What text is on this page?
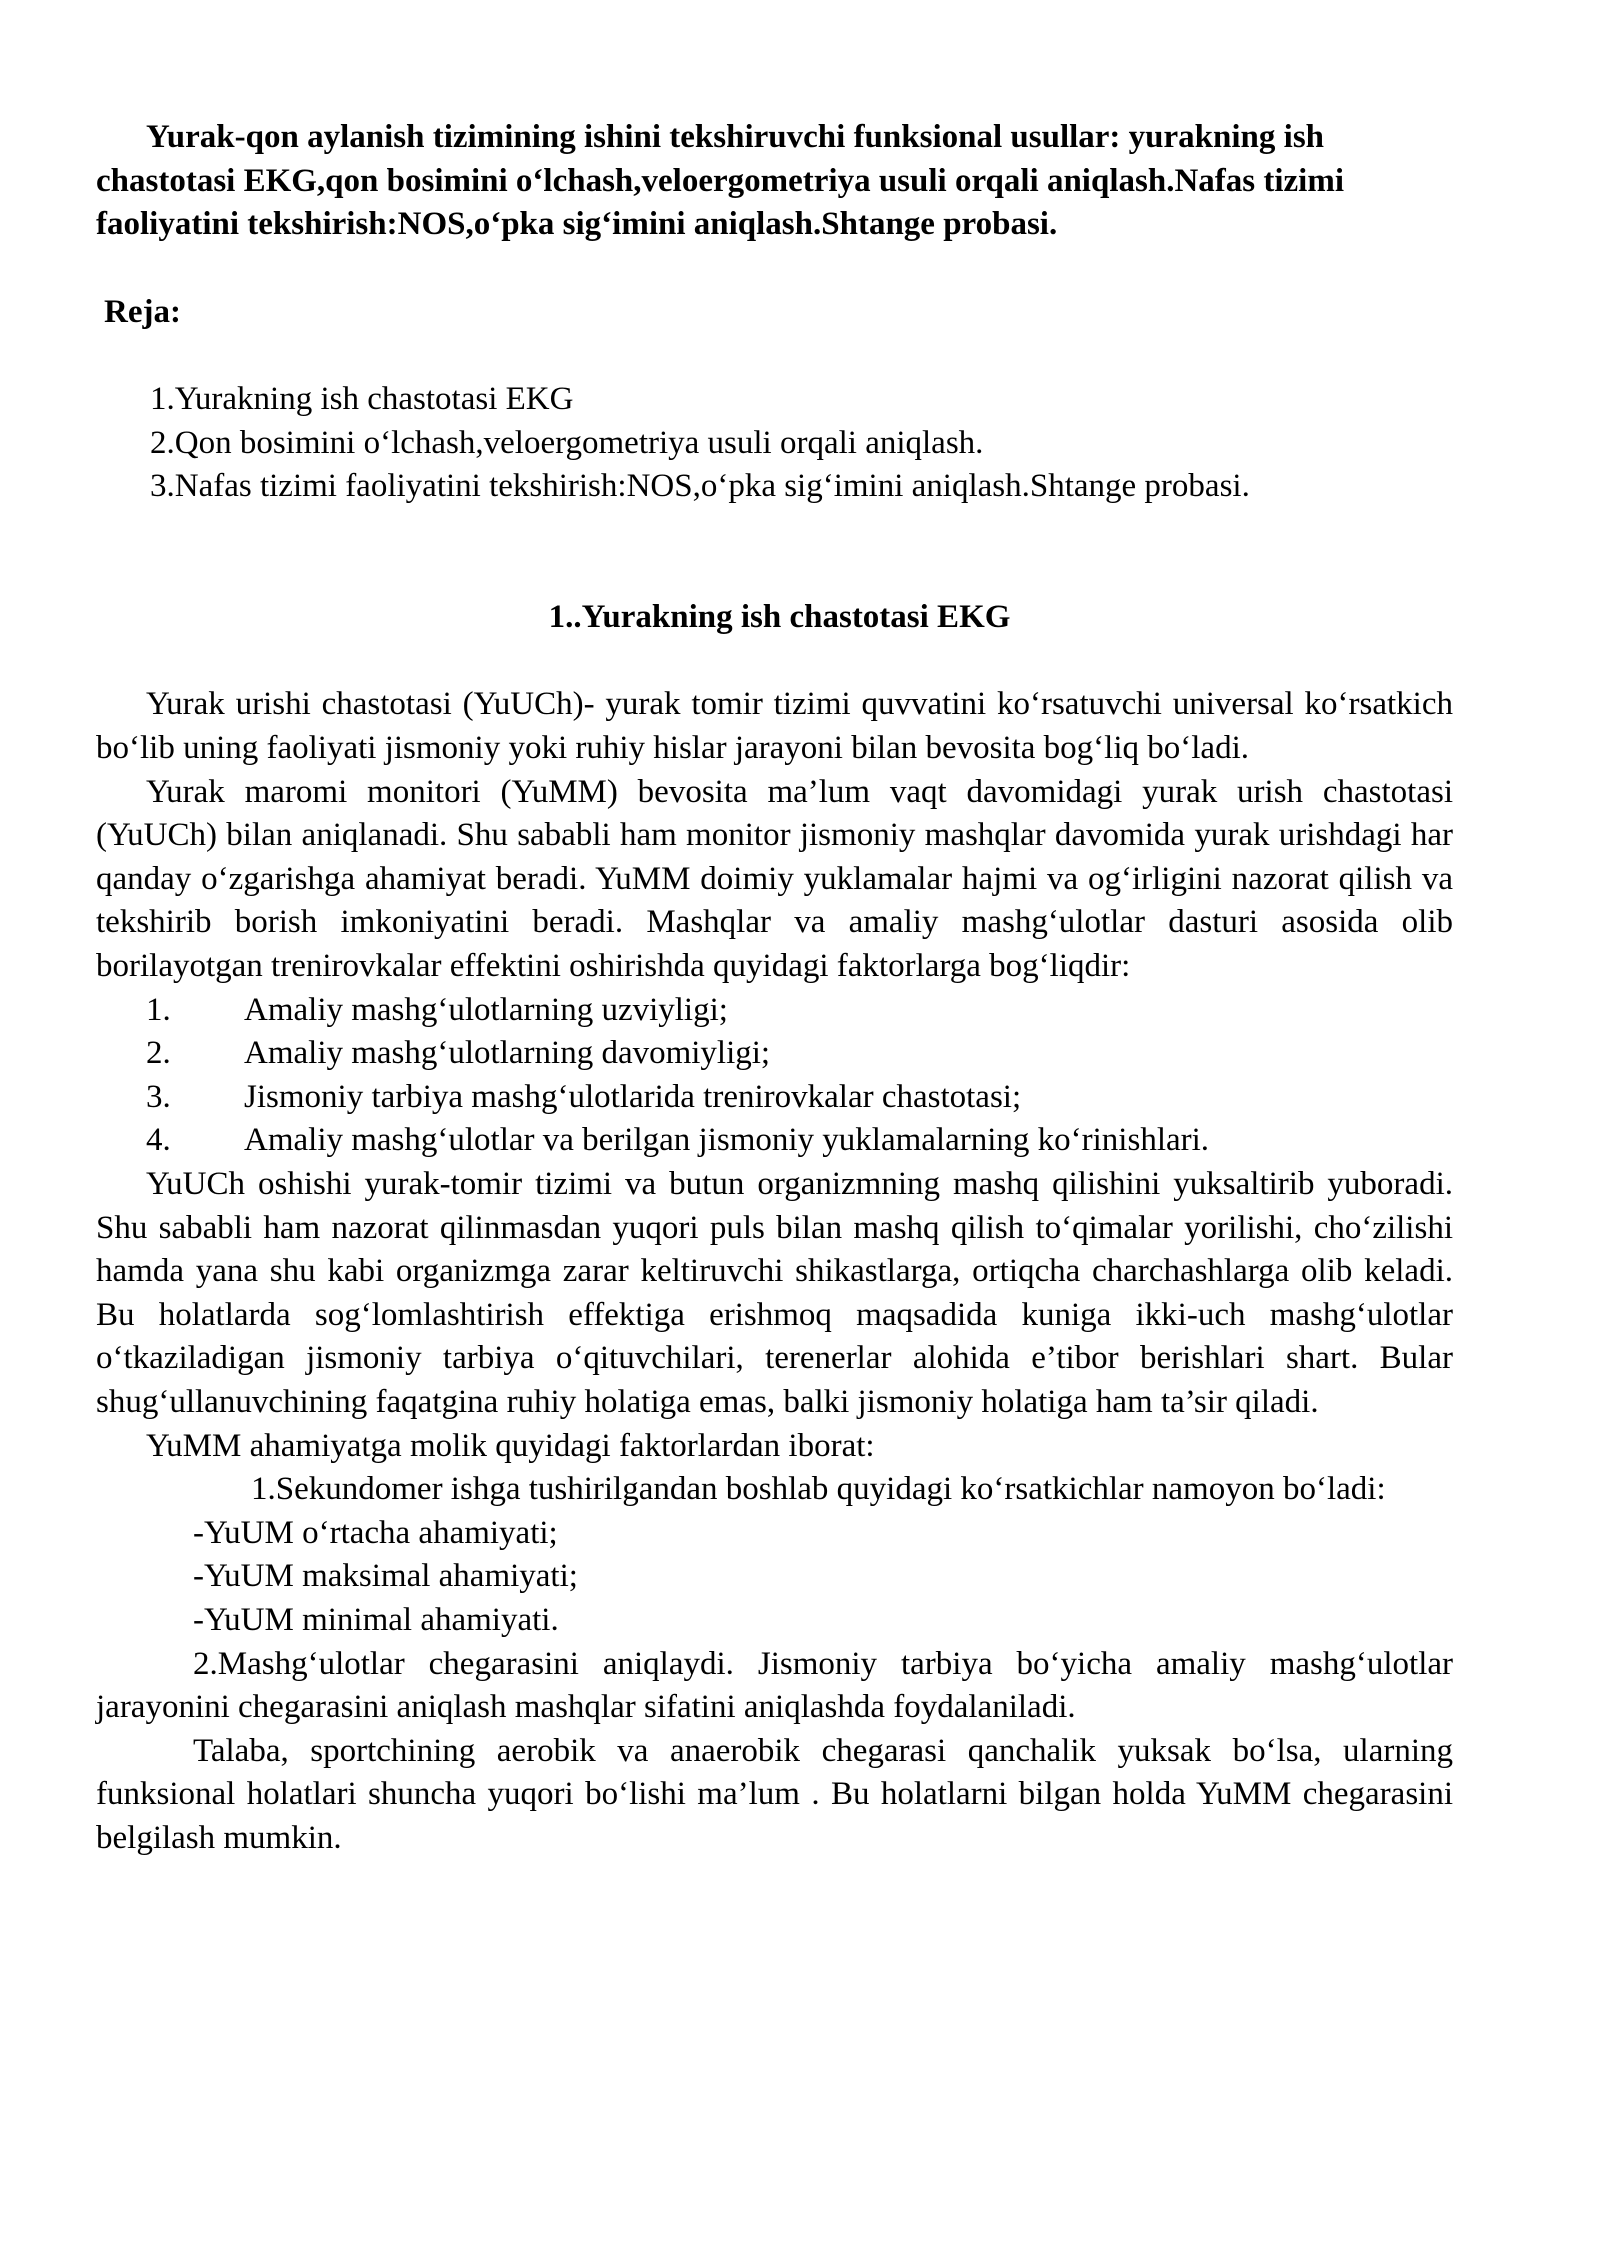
Yurak-qon aylanish tizimining ishini tekshiruvchi funksional usullar: yurakning ish chastotasi EKG,qon bosimini o‘lchash,veloergometriya usuli orqali aniqlash.Nafas tizimi faoliyatini tekshirish:NOS,o‘pka sig‘imini aniqlash.Shtange probasi.

Reja:

1.Yurakning ish chastotasi EKG

2.Qon bosimini o‘lchash,veloergometriya usuli orqali aniqlash.

3.Nafas tizimi faoliyatini tekshirish:NOS,o‘pka sig‘imini aniqlash.Shtange probasi.

1..Yurakning ish chastotasi EKG

Yurak urishi chastotasi (YuUCh)- yurak tomir tizimi quvvatini ko‘rsatuvchi universal ko‘rsatkich bo‘lib uning faoliyati jismoniy yoki ruhiy hislar jarayoni bilan bevosita bog‘liq bo‘ladi.

Yurak maromi monitori (YuMM) bevosita ma’lum vaqt davomidagi yurak urish chastotasi (YuUCh) bilan aniqlanadi. Shu sababli ham monitor jismoniy mashqlar davomida yurak urishdagi har qanday o‘zgarishga ahamiyat beradi. YuMM doimiy yuklamalar hajmi va og‘irligini nazorat qilish va tekshirib borish imkoniyatini beradi. Mashqlar va amaliy mashg‘ulotlar dasturi asosida olib borilayotgan trenirovkalar effektini oshirishda quyidagi faktorlarga bog‘liqdir:

1.	Amaliy mashg‘ulotlarning uzviyligi;
2.	Amaliy mashg‘ulotlarning davomiyligi;
3.	Jismoniy tarbiya mashg‘ulotlarida trenirovkalar chastotasi;
4.	Amaliy mashg‘ulotlar va berilgan jismoniy yuklamalarning ko‘rinishlari.

YuUCh oshishi yurak-tomir tizimi va butun organizmning mashq qilishini yuksaltirib yuboradi. Shu sababli ham nazorat qilinmasdan yuqori puls bilan mashq qilish to‘qimalar yorilishi, cho‘zilishi hamda yana shu kabi organizmga zarar keltiruvchi shikastlarga, ortiqcha charchashlarga olib keladi. Bu holatlarda sog‘lomlashtirish effektiga erishmoq maqsadida kuniga ikki-uch mashg‘ulotlar o‘tkaziladigan jismoniy tarbiya o‘qituvchilari, terenerlar alohida e’tibor berishlari shart. Bular shug‘ullanuvchining faqatgina ruhiy holatiga emas, balki jismoniy holatiga ham ta’sir qiladi.

YuMM ahamiyatga molik quyidagi faktorlardan iborat:

1.Sekundomer ishga tushirilgandan boshlab quyidagi ko‘rsatkichlar namoyon bo‘ladi:

-YuUM o‘rtacha ahamiyati;

-YuUM maksimal ahamiyati;

-YuUM minimal ahamiyati.

2.Mashg‘ulotlar chegarasini aniqlaydi. Jismoniy tarbiya bo‘yicha amaliy mashg‘ulotlar jarayonini chegarasini aniqlash mashqlar sifatini aniqlashda foydalaniladi.

Talaba, sportchining aerobik va anaerobik chegarasi qanchalik yuksak bo‘lsa, ularning funksional holatlari shuncha yuqori bo‘lishi ma’lum . Bu holatlarni bilgan holda YuMM chegarasini belgilash mumkin.
